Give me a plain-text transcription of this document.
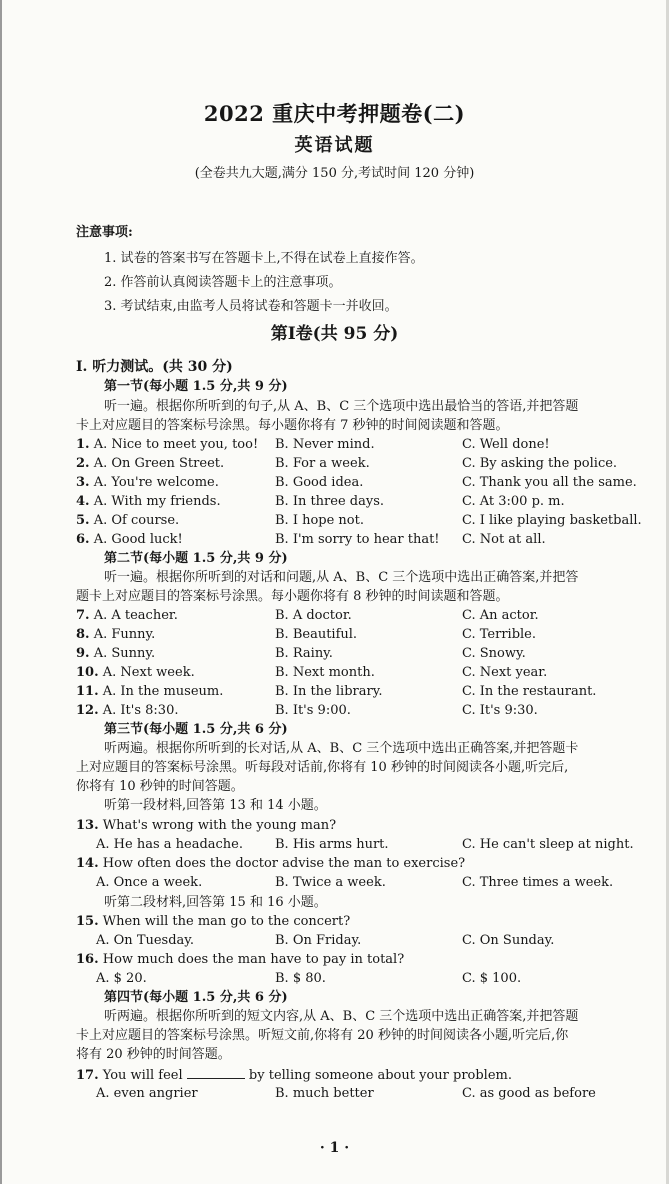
2022 重庆中考押题卷(二)
英语试题
(全卷共九大题,满分 150 分,考试时间 120 分钟)
注意事项:
1. 试卷的答案书写在答题卡上,不得在试卷上直接作答。
2. 作答前认真阅读答题卡上的注意事项。
3. 考试结束,由监考人员将试卷和答题卡一并收回。
第Ⅰ卷(共 95 分)
Ⅰ. 听力测试。(共 30 分)
第一节(每小题 1.5 分,共 9 分)
听一遍。根据你所听到的句子,从 A、B、C 三个选项中选出最恰当的答语,并把答题
卡上对应题目的答案标号涂黑。每小题你将有 7 秒钟的时间阅读题和答题。
1. A. Nice to meet you, too! B. Never mind.	C. Well done!
2. A. On Green Street.	B. For a week.	C. By asking the police.
3. A. You're welcome.	B. Good idea.	C. Thank you all the same.
4. A. With my friends.	B. In three days.	C. At 3:00 p. m.
5. A. Of course.	B. I hope not.	C. I like playing basketball.
6. A. Good luck!	B. I'm sorry to hear that! C. Not at all.
第二节(每小题 1.5 分,共 9 分)
听一遍。根据你所听到的对话和问题,从 A、B、C 三个选项中选出正确答案,并把答
题卡上对应题目的答案标号涂黑。每小题你将有 8 秒钟的时间读题和答题。
7. A. A teacher.	B. A doctor.	C. An actor.
8. A. Funny.	B. Beautiful.	C. Terrible.
9. A. Sunny.	B. Rainy.	C. Snowy.
10. A. Next week.	B. Next month.	C. Next year.
11. A. In the museum.	B. In the library.	C. In the restaurant.
12. A. It's 8:30.	B. It's 9:00.	C. It's 9:30.
第三节(每小题 1.5 分,共 6 分)
听两遍。根据你所听到的长对话,从 A、B、C 三个选项中选出正确答案,并把答题卡
上对应题目的答案标号涂黑。听每段对话前,你将有 10 秒钟的时间阅读各小题,听完后,
你将有 10 秒钟的时间答题。
听第一段材料,回答第 13 和 14 小题。
13. What's wrong with the young man?
A. He has a headache. B. His arms hurt.	C. He can't sleep at night.
14. How often does the doctor advise the man to exercise?
A. Once a week.	B. Twice a week.	C. Three times a week.
听第二段材料,回答第 15 和 16 小题。
15. When will the man go to the concert?
A. On Tuesday.	B. On Friday.	C. On Sunday.
16. How much does the man have to pay in total?
A. $ 20.	B. $ 80.	C. $ 100.
第四节(每小题 1.5 分,共 6 分)
听两遍。根据你所听到的短文内容,从 A、B、C 三个选项中选出正确答案,并把答题
卡上对应题目的答案标号涂黑。听短文前,你将有 20 秒钟的时间阅读各小题,听完后,你
将有 20 秒钟的时间答题。
17. You will feel	by telling someone about your problem.
A. even angrier	B. much better	C. as good as before
· 1 ·
